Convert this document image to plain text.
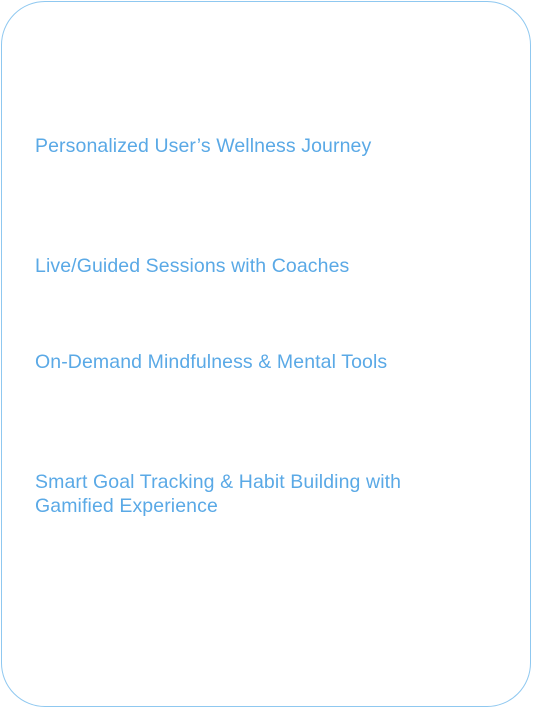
Personalized User’s Wellness Journey

Live/Guided Sessions with Coaches

On-Demand Mindfulness & Mental Tools

Smart Goal Tracking & Habit Building with Gamified Experience
